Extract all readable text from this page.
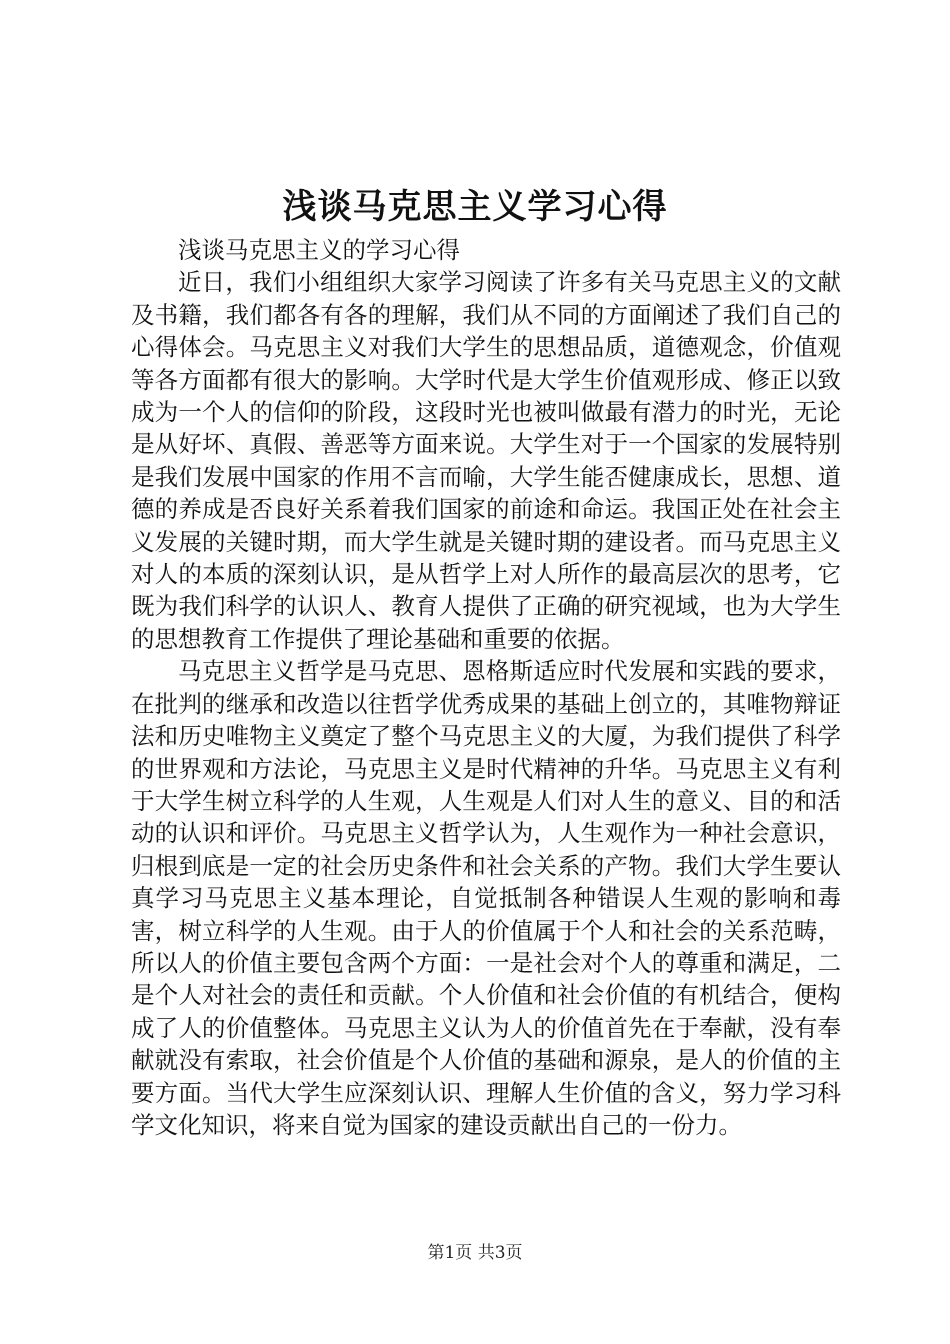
浅谈马克思主义学习心得

浅谈马克思主义的学习心得

近日，我们小组组织大家学习阅读了许多有关马克思主义的文献及书籍，我们都各有各的理解，我们从不同的方面阐述了我们自己的心得体会。马克思主义对我们大学生的思想品质，道德观念，价值观等各方面都有很大的影响。大学时代是大学生价值观形成、修正以致成为一个人的信仰的阶段，这段时光也被叫做最有潜力的时光，无论是从好坏、真假、善恶等方面来说。大学生对于一个国家的发展特别是我们发展中国家的作用不言而喻，大学生能否健康成长，思想、道德的养成是否良好关系着我们国家的前途和命运。我国正处在社会主义发展的关键时期，而大学生就是关键时期的建设者。而马克思主义对人的本质的深刻认识，是从哲学上对人所作的最高层次的思考，它既为我们科学的认识人、教育人提供了正确的研究视域，也为大学生的思想教育工作提供了理论基础和重要的依据。

马克思主义哲学是马克思、恩格斯适应时代发展和实践的要求，在批判的继承和改造以往哲学优秀成果的基础上创立的，其唯物辩证法和历史唯物主义奠定了整个马克思主义的大厦，为我们提供了科学的世界观和方法论，马克思主义是时代精神的升华。马克思主义有利于大学生树立科学的人生观，人生观是人们对人生的意义、目的和活动的认识和评价。马克思主义哲学认为，人生观作为一种社会意识，归根到底是一定的社会历史条件和社会关系的产物。我们大学生要认真学习马克思主义基本理论，自觉抵制各种错误人生观的影响和毒害，树立科学的人生观。由于人的价值属于个人和社会的关系范畴，所以人的价值主要包含两个方面：一是社会对个人的尊重和满足，二是个人对社会的责任和贡献。个人价值和社会价值的有机结合，便构成了人的价值整体。马克思主义认为人的价值首先在于奉献，没有奉献就没有索取，社会价值是个人价值的基础和源泉，是人的价值的主要方面。当代大学生应深刻认识、理解人生价值的含义，努力学习科学文化知识，将来自觉为国家的建设贡献出自己的一份力。

第1页 共3页
